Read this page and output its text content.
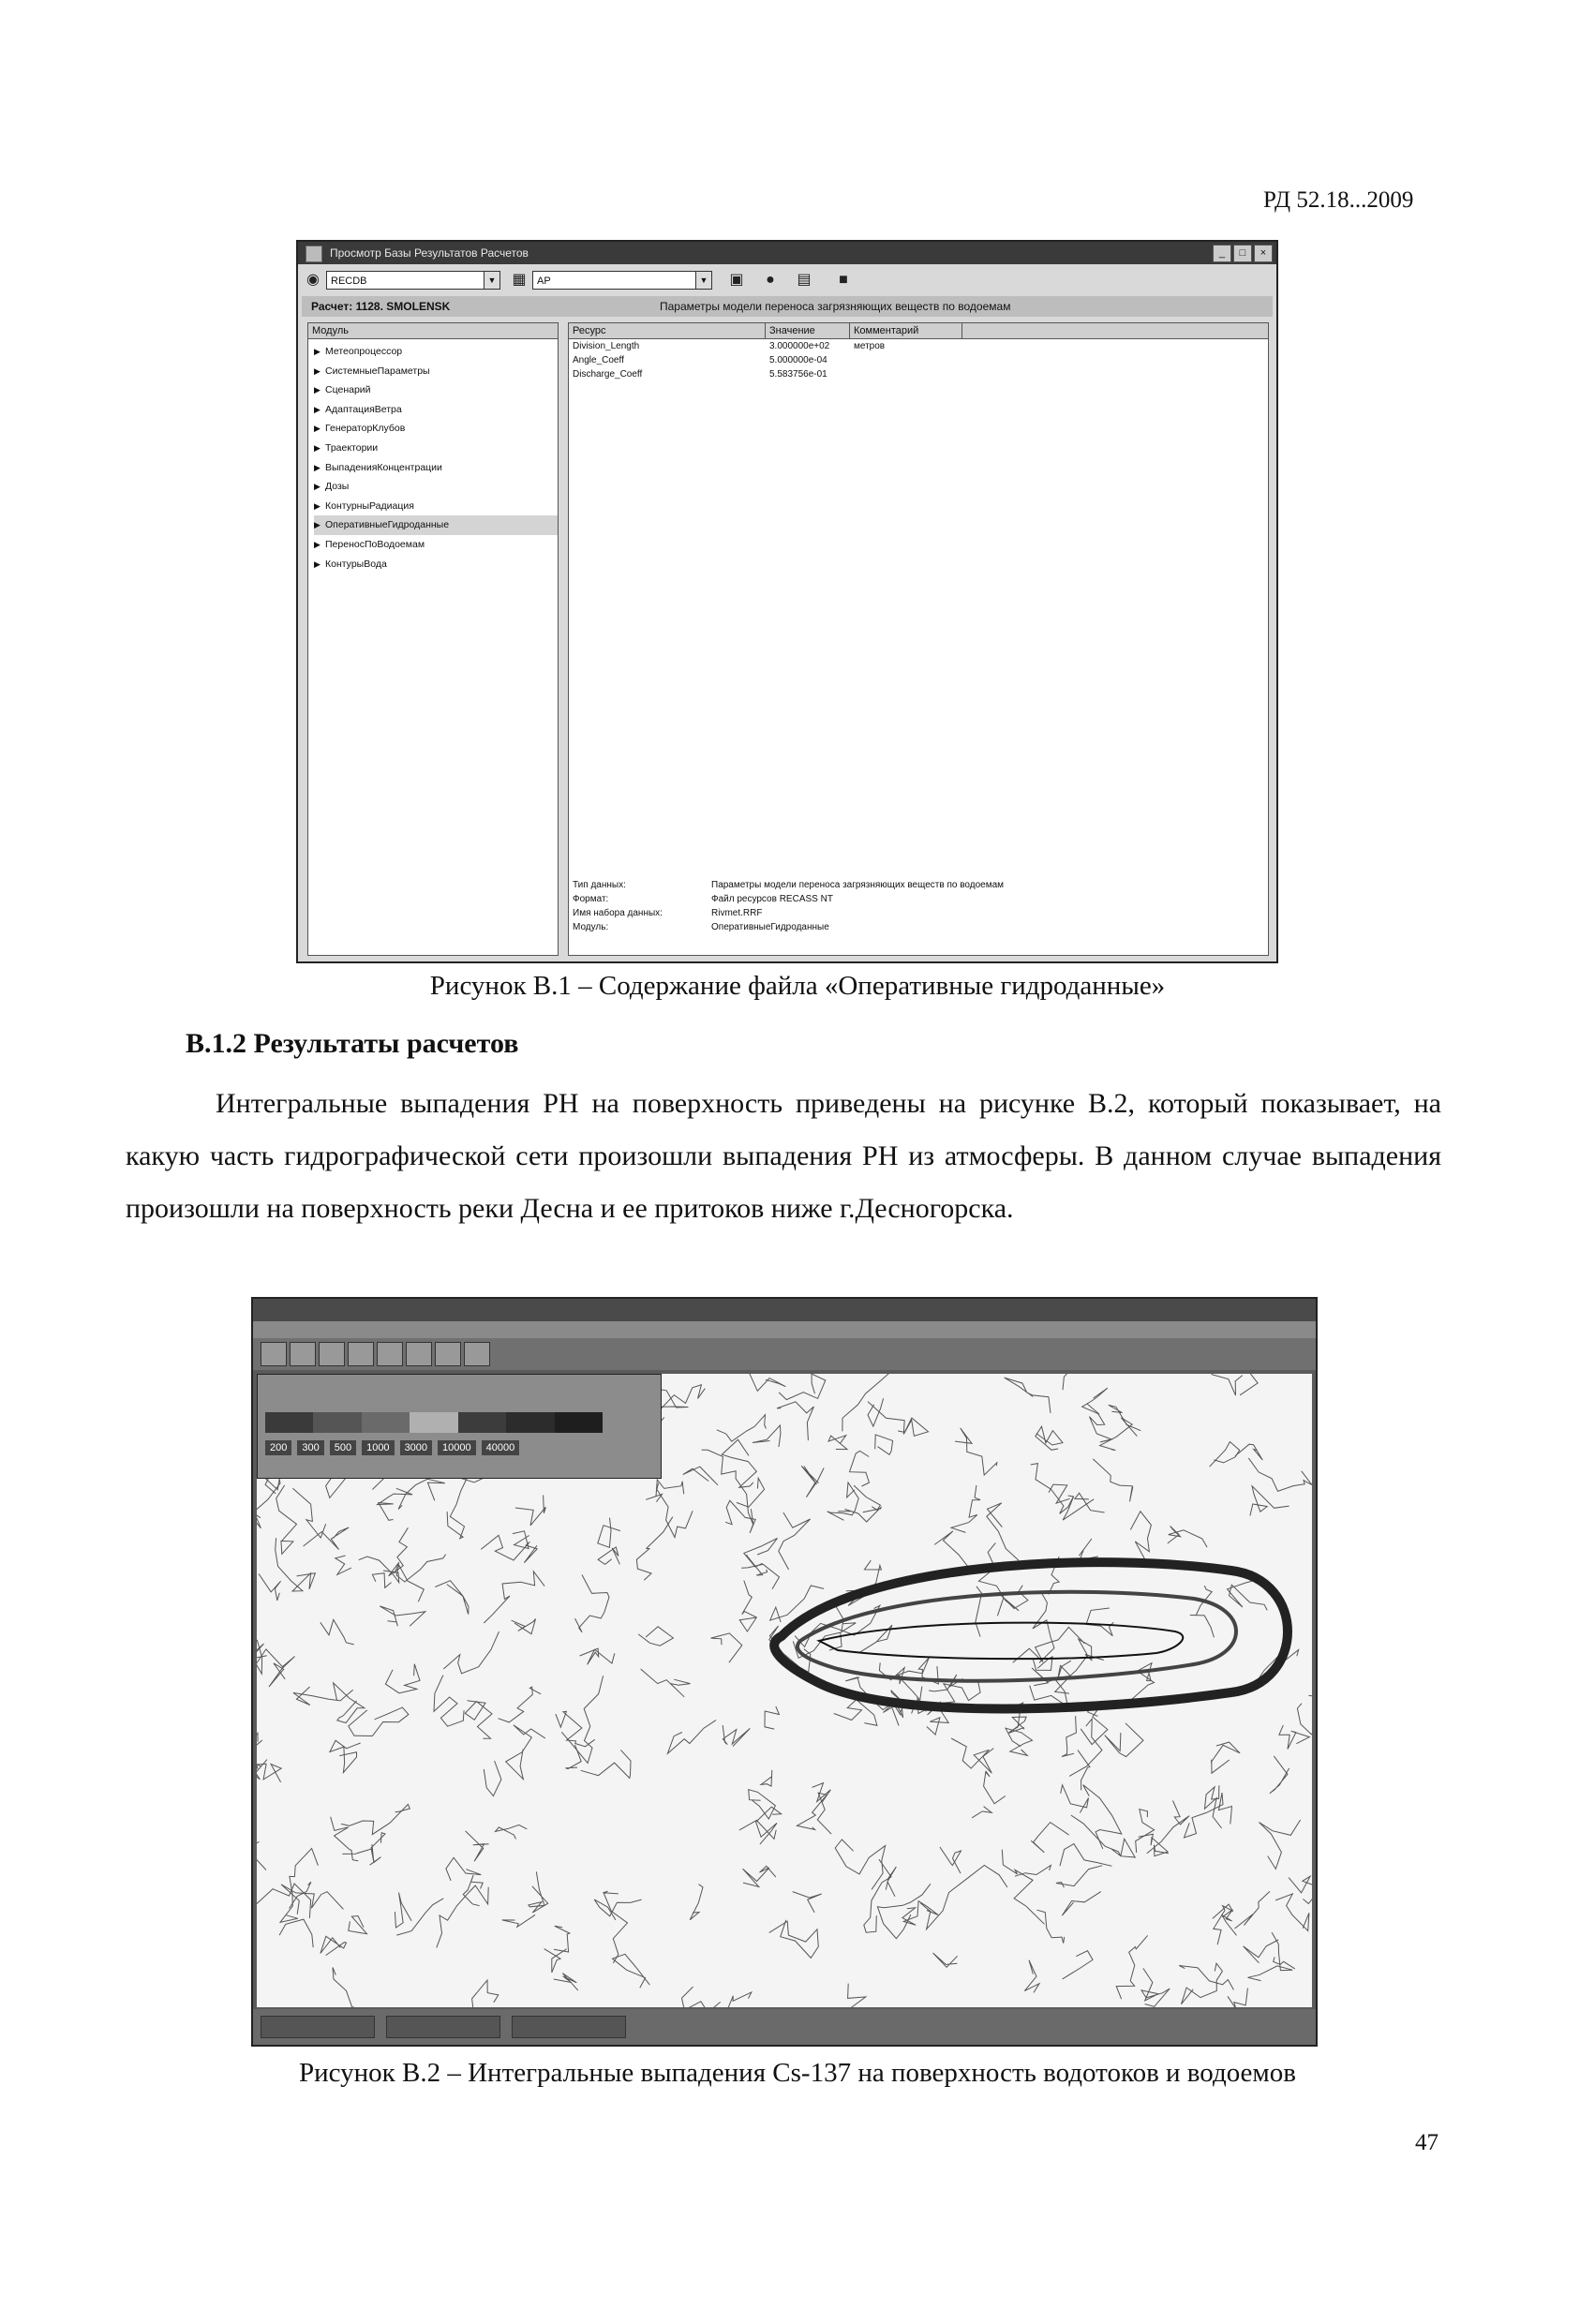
РД 52.18...2009
Просмотр Базы Результатов Расчетов	_	□	×
◉	RECDB	▼ ▦	AP	▼ ▣	●	▤	■
Расчет: 1128. SMOLENSK	Параметры модели переноса загрязняющих веществ по водоемам
Модуль
▶ Метеопроцессор
▶ СистемныеПараметры
▶ Сценарий
▶ АдаптацияВетра
▶ ГенераторКлубов
▶ Траектории
▶ ВыпаденияКонцентрации
▶ Дозы
▶ КонтурныРадиация
▶ ОперативныеГидроданные
▶ ПереносПоВодоемам
▶ КонтурыВода
Ресурс	Значение	Комментарий
Division_Length	3.000000e+02	метров
Angle_Coeff	5.000000e-04
Discharge_Coeff	5.583756e-01
Тип данных:	Параметры модели переноса загрязняющих веществ по водоемам
Формат:	Файл ресурсов RECASS NT
Имя набора данных:	Rivmet.RRF
Модуль:	ОперативныеГидроданные
Рисунок В.1 – Содержание файла «Оперативные гидроданные»
В.1.2 Результаты расчетов
Интегральные выпадения РН на поверхность приведены на рисунке В.2, который показывает, на какую часть гидрографической сети произошли выпадения РН из атмосферы. В данном случае выпадения произошли на поверхность реки Десна и ее притоков ниже г.Десногорска.
200	300	500	1000	3000	10000	40000
Рисунок В.2 – Интегральные выпадения Cs-137 на поверхность водотоков и водоемов
47
